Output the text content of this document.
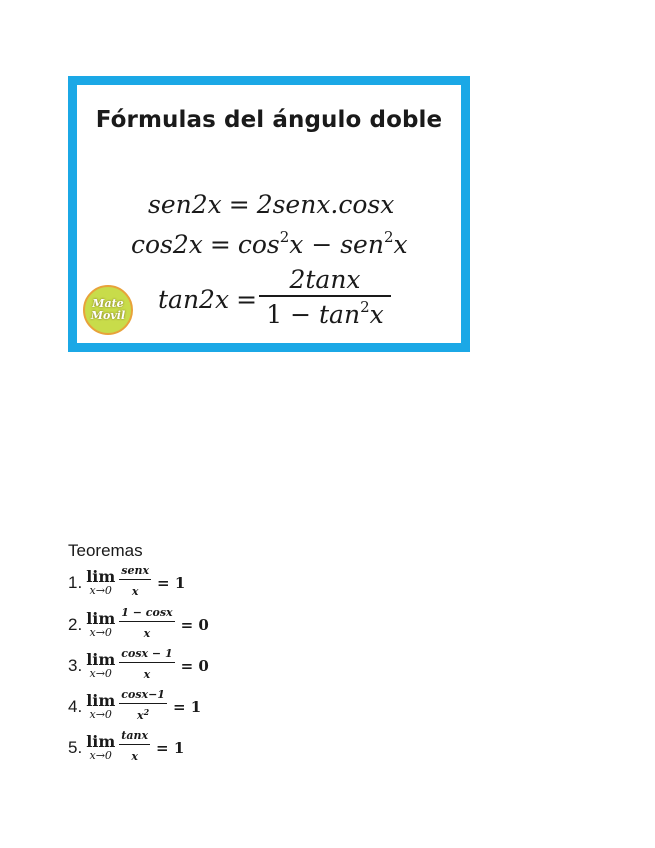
Fórmulas del ángulo doble
sen2x = 2senx.cosx
$\cos 2x = \cos^2x - sen^2x$
tan2x =
2tanx
$1 - \tan^2x$
Mate
Movil
Teoremas
1. lim
x→0
senx
x = 1
2. lim
x→0
1 − cosx
x = 0
3. lim
x→0
cosx − 1
x = 0
4. lim
x→0
cosx−1
$x^2 = 1$
5. lim
x→0
tanx
x = 1
